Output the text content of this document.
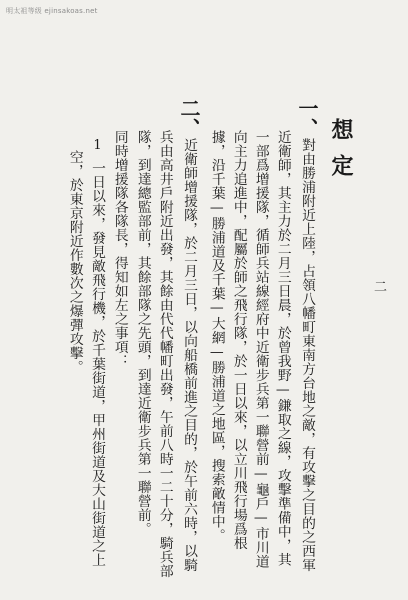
明太祖等级 ejinsakoas.net
想定
一、對由勝浦附近上陸，占領八幡町東南方台地之敵，有攻擊之目的之西軍
近衛師，其主力於二月三日晨，於曾我野—鎌取之線，攻擊準備中，其
一部爲增援隊，循師兵站線經府中近衛步兵第一聯營前—龜戶—市川道
向主力追進中，配屬於師之飛行隊，於一日以來，以立川飛行場爲根
據，沿千葉—勝浦道及千葉—大網—勝浦道之地區，搜索敵情中。
二、近衛師增援隊，於二月三日，以向船橋前進之目的，於午前六時，以騎
兵由高井戶附近出發，其餘由代代幡町出發，午前八時一二十分，騎兵部
隊，到達總監部前，其餘部隊之先頭，到達近衛步兵第一聯營前。
同時增援隊各隊長，得知如左之事項：
1一日以來，發見敵飛行機，於千葉街道，甲州街道及大山街道之上
空，於東京附近作數次之爆彈攻擊。	二
